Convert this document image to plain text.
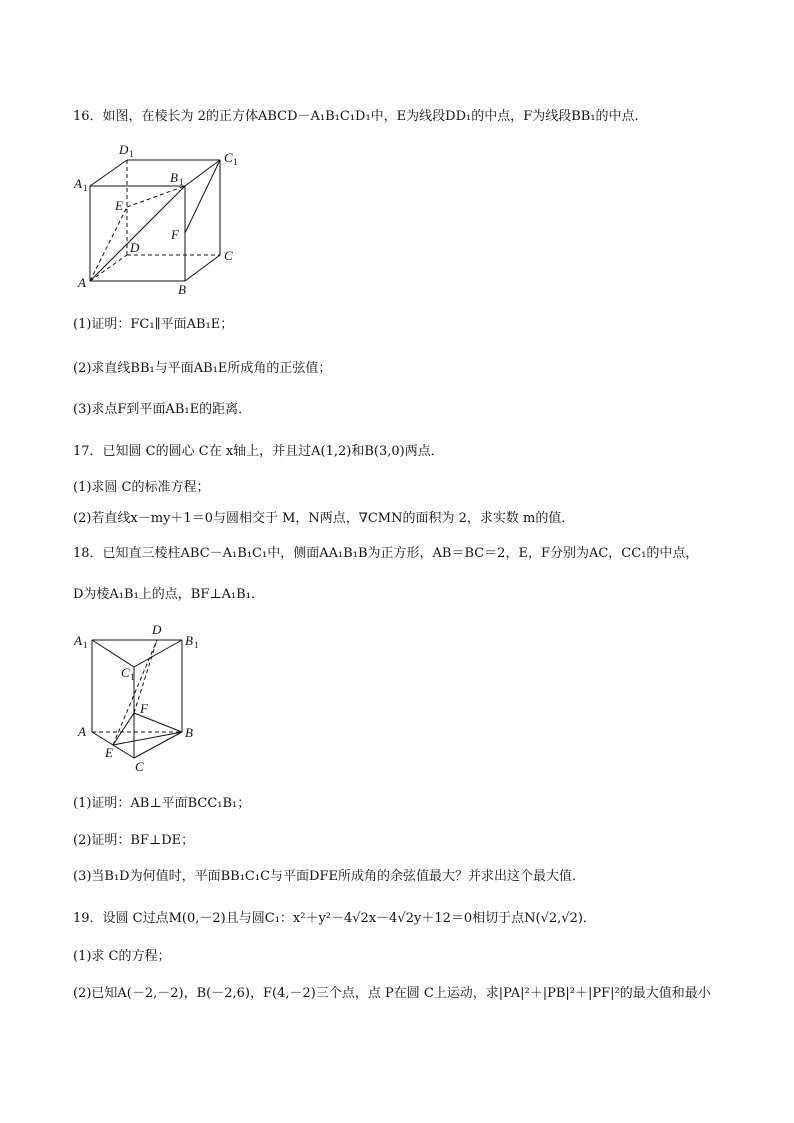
16．如图，在棱长为 2的正方体ABCD－A₁B₁C₁D₁中，E为线段DD₁的中点，F为线段BB₁的中点．
D 1	C 1
A 1
B 1
E
F
D
C
A	B
(1)证明：FC₁∥平面AB₁E；
(2)求直线BB₁与平面AB₁E所成角的正弦值；
(3)求点F到平面AB₁E的距离．
17．已知圆 C的圆心 C在 x轴上，并且过A(1,2)和B(3,0)两点．
(1)求圆 C的标准方程；
(2)若直线x－my＋1＝0与圆相交于 M，N两点，∇CMN的面积为 2，求实数 m的值．
18．已知直三棱柱ABC－A₁B₁C₁中，侧面AA₁B₁B为正方形，AB＝BC＝2，E，F分别为AC，CC₁的中点，
D为棱A₁B₁上的点，BF⊥A₁B₁．
A 1
D
B 1
C 1
F
A	B
E
C
(1)证明：AB⊥平面BCC₁B₁；
(2)证明：BF⊥DE；
(3)当B₁D为何值时，平面BB₁C₁C与平面DFE所成角的余弦值最大？并求出这个最大值．
19．设圆 C过点M(0,－2)且与圆C₁：x²＋y²－4√2x－4√2y＋12＝0相切于点N(√2,√2)．
(1)求 C的方程；
(2)已知A(－2,－2)，B(－2,6)，F(4,－2)三个点，点 P在圆 C上运动，求|PA|²＋|PB|²＋|PF|²的最大值和最小
